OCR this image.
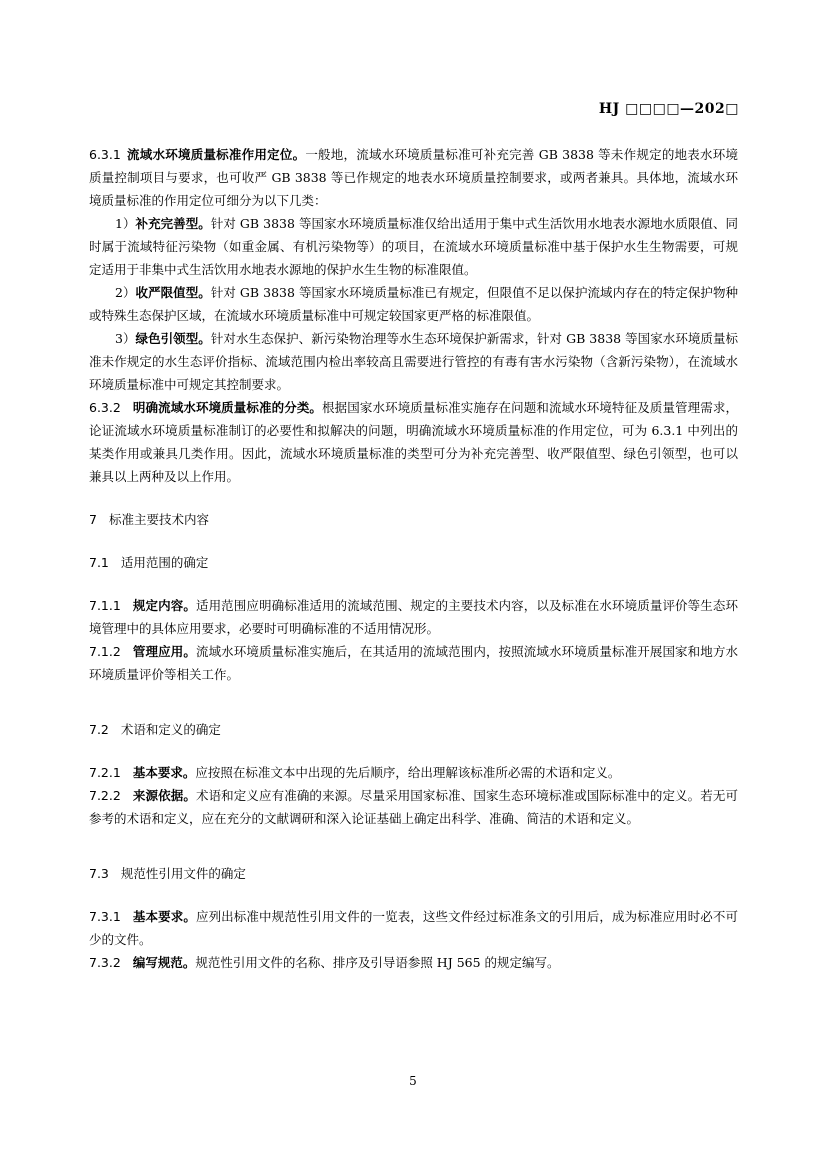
HJ □□□□—202□

6.3.1 流域水环境质量标准作用定位。一般地，流域水环境质量标准可补充完善 GB 3838 等未作规定的地表水环境质量控制项目与要求，也可收严 GB 3838 等已作规定的地表水环境质量控制要求，或两者兼具。具体地，流域水环境质量标准的作用定位可细分为以下几类：

1）补充完善型。针对 GB 3838 等国家水环境质量标准仅给出适用于集中式生活饮用水地表水源地水质限值、同时属于流域特征污染物（如重金属、有机污染物等）的项目，在流域水环境质量标准中基于保护水生生物需要，可规定适用于非集中式生活饮用水地表水源地的保护水生生物的标准限值。

2）收严限值型。针对 GB 3838 等国家水环境质量标准已有规定，但限值不足以保护流域内存在的特定保护物种或特殊生态保护区域，在流域水环境质量标准中可规定较国家更严格的标准限值。

3）绿色引领型。针对水生态保护、新污染物治理等水生态环境保护新需求，针对 GB 3838 等国家水环境质量标准未作规定的水生态评价指标、流域范围内检出率较高且需要进行管控的有毒有害水污染物（含新污染物），在流域水环境质量标准中可规定其控制要求。

6.3.2 明确流域水环境质量标准的分类。根据国家水环境质量标准实施存在问题和流域水环境特征及质量管理需求，论证流域水环境质量标准制订的必要性和拟解决的问题，明确流域水环境质量标准的作用定位，可为 6.3.1 中列出的某类作用或兼具几类作用。因此，流域水环境质量标准的类型可分为补充完善型、收严限值型、绿色引领型，也可以兼具以上两种及以上作用。

7 标准主要技术内容

7.1 适用范围的确定

7.1.1 规定内容。适用范围应明确标准适用的流域范围、规定的主要技术内容，以及标准在水环境质量评价等生态环境管理中的具体应用要求，必要时可明确标准的不适用情况形。

7.1.2 管理应用。流域水环境质量标准实施后，在其适用的流域范围内，按照流域水环境质量标准开展国家和地方水环境质量评价等相关工作。

7.2 术语和定义的确定

7.2.1 基本要求。应按照在标准文本中出现的先后顺序，给出理解该标准所必需的术语和定义。

7.2.2 来源依据。术语和定义应有准确的来源。尽量采用国家标准、国家生态环境标准或国际标准中的定义。若无可参考的术语和定义，应在充分的文献调研和深入论证基础上确定出科学、准确、简洁的术语和定义。

7.3 规范性引用文件的确定

7.3.1 基本要求。应列出标准中规范性引用文件的一览表，这些文件经过标准条文的引用后，成为标准应用时必不可少的文件。

7.3.2 编写规范。规范性引用文件的名称、排序及引导语参照 HJ 565 的规定编写。

5
